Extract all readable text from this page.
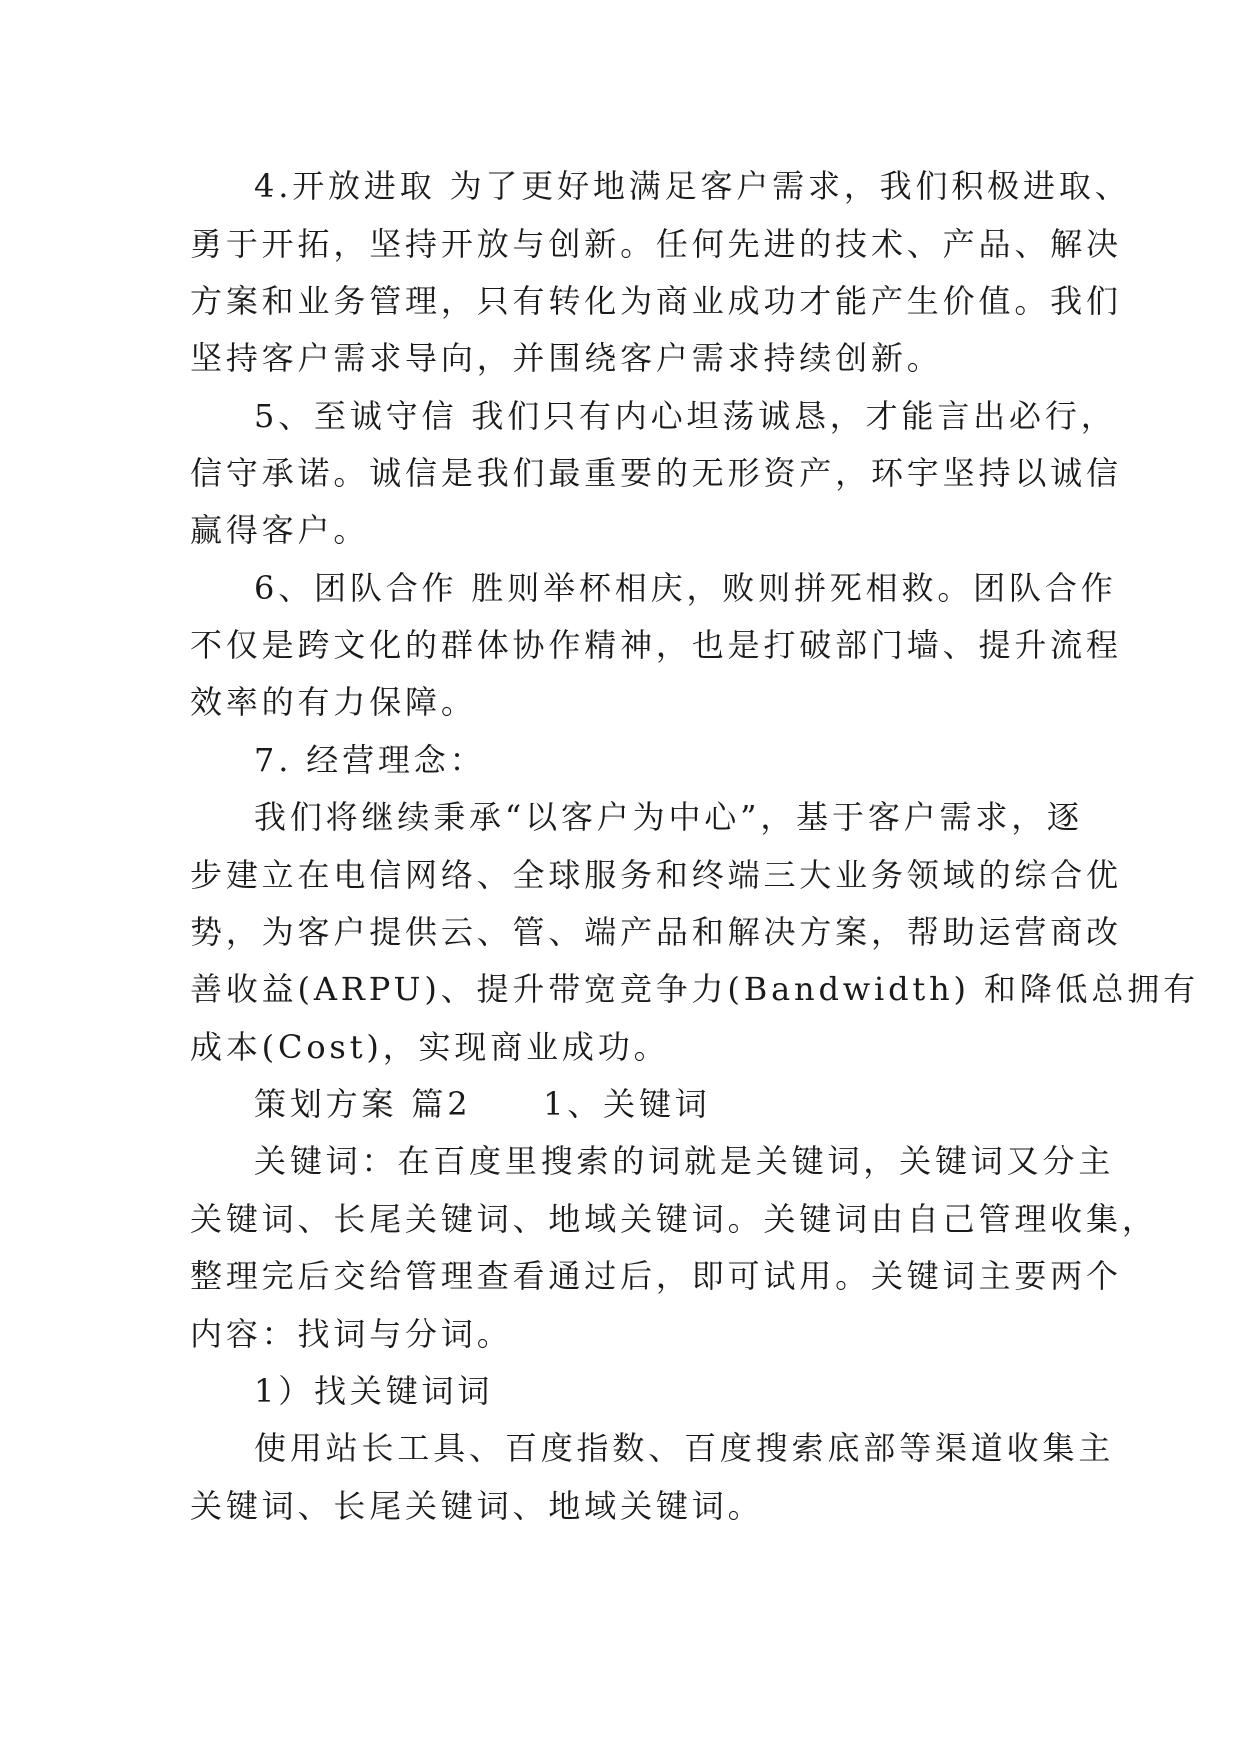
4.开放进取 为了更好地满足客户需求，我们积极进取、
勇于开拓，坚持开放与创新。任何先进的技术、产品、解决
方案和业务管理，只有转化为商业成功才能产生价值。我们
坚持客户需求导向，并围绕客户需求持续创新。
5、至诚守信 我们只有内心坦荡诚恳，才能言出必行，
信守承诺。诚信是我们最重要的无形资产，环宇坚持以诚信
赢得客户。
6、团队合作 胜则举杯相庆，败则拼死相救。团队合作
不仅是跨文化的群体协作精神，也是打破部门墙、提升流程
效率的有力保障。
7. 经营理念：
我们将继续秉承“以客户为中心”，基于客户需求，逐
步建立在电信网络、全球服务和终端三大业务领域的综合优
势，为客户提供云、管、端产品和解决方案，帮助运营商改
善收益(ARPU)、提升带宽竞争力(Bandwidth) 和降低总拥有
成本(Cost)，实现商业成功。
策划方案 篇2　　1、关键词
关键词：在百度里搜索的词就是关键词，关键词又分主
关键词、长尾关键词、地域关键词。关键词由自己管理收集，
整理完后交给管理查看通过后，即可试用。关键词主要两个
内容：找词与分词。
1）找关键词词
使用站长工具、百度指数、百度搜索底部等渠道收集主
关键词、长尾关键词、地域关键词。
